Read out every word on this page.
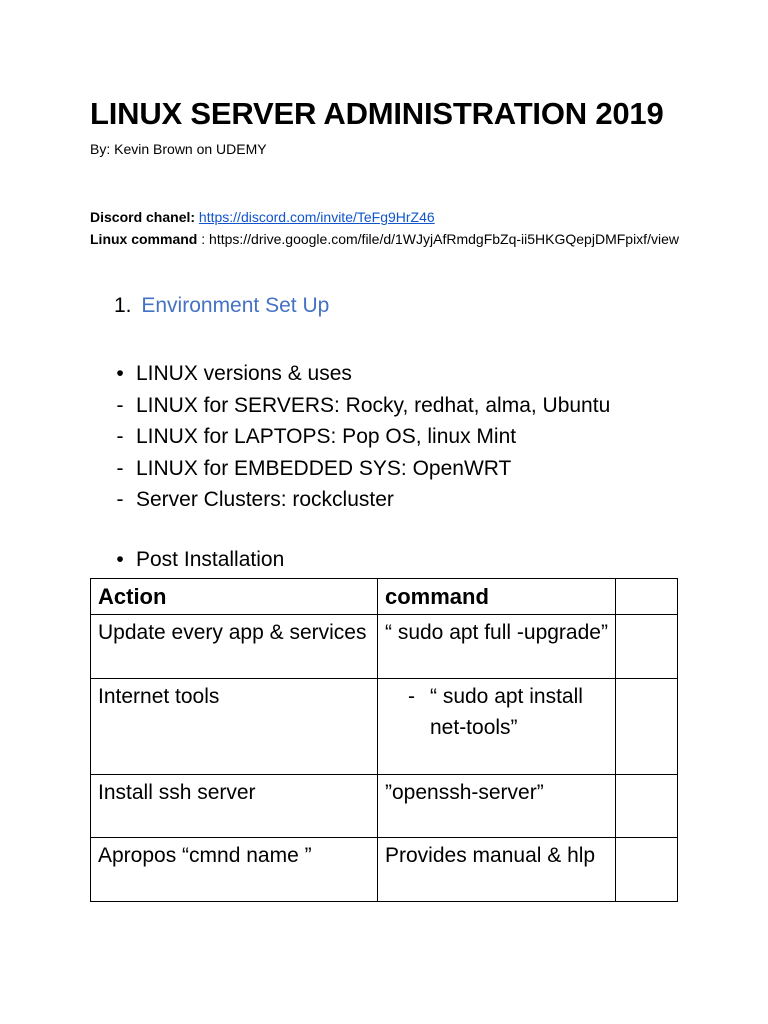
LINUX SERVER ADMINISTRATION 2019
By: Kevin Brown on UDEMY
Discord chanel: https://discord.com/invite/TeFg9HrZ46
Linux command : https://drive.google.com/file/d/1WJyjAfRmdgFbZq-ii5HKGQepjDMFpixf/view
1. Environment Set Up
• LINUX versions & uses
- LINUX for SERVERS: Rocky, redhat, alma, Ubuntu
- LINUX for LAPTOPS: Pop OS, linux Mint
- LINUX for EMBEDDED SYS: OpenWRT
- Server Clusters: rockcluster
• Post Installation
Action	command	
Update every app & services	“ sudo apt full -upgrade”	
Internet tools	- “ sudo apt install net-tools”	
Install ssh server	”openssh-server”	
Apropos “cmnd name ”	Provides manual & hlp	
